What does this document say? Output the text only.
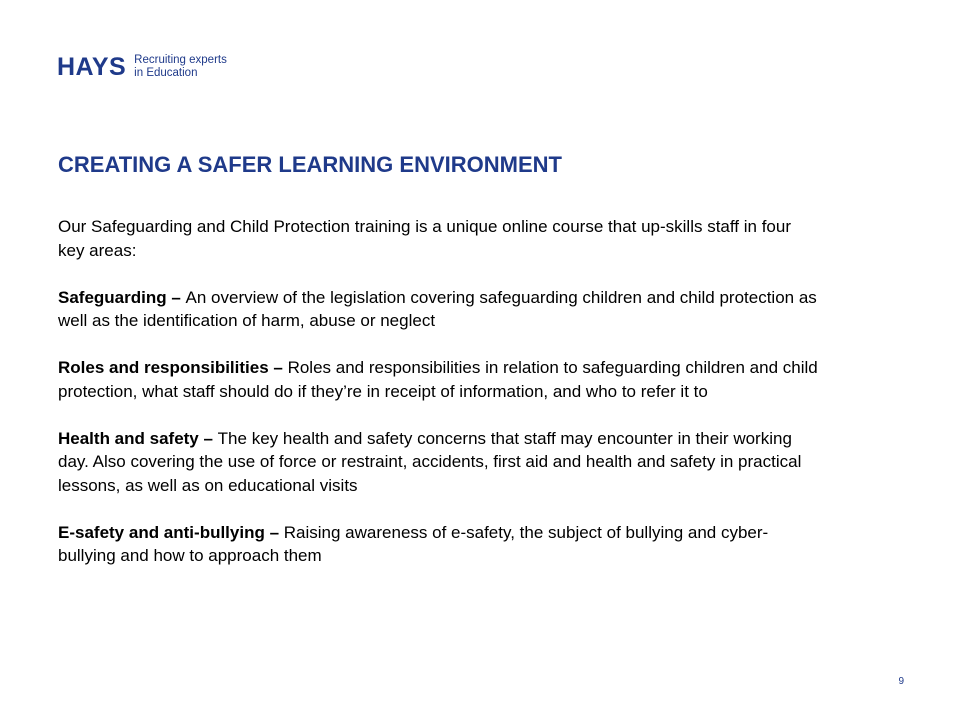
HAYS Recruiting experts
in Education
CREATING A SAFER LEARNING ENVIRONMENT

Our Safeguarding and Child Protection training is a unique online course that up-skills staff in four key areas:

Safeguarding – An overview of the legislation covering safeguarding children and child protection as well as the identification of harm, abuse or neglect

Roles and responsibilities – Roles and responsibilities in relation to safeguarding children and child protection, what staff should do if they’re in receipt of information, and who to refer it to

Health and safety – The key health and safety concerns that staff may encounter in their working day. Also covering the use of force or restraint, accidents, first aid and health and safety in practical lessons, as well as on educational visits

E-safety and anti-bullying – Raising awareness of e-safety, the subject of bullying and cyber-bullying and how to approach them

9
